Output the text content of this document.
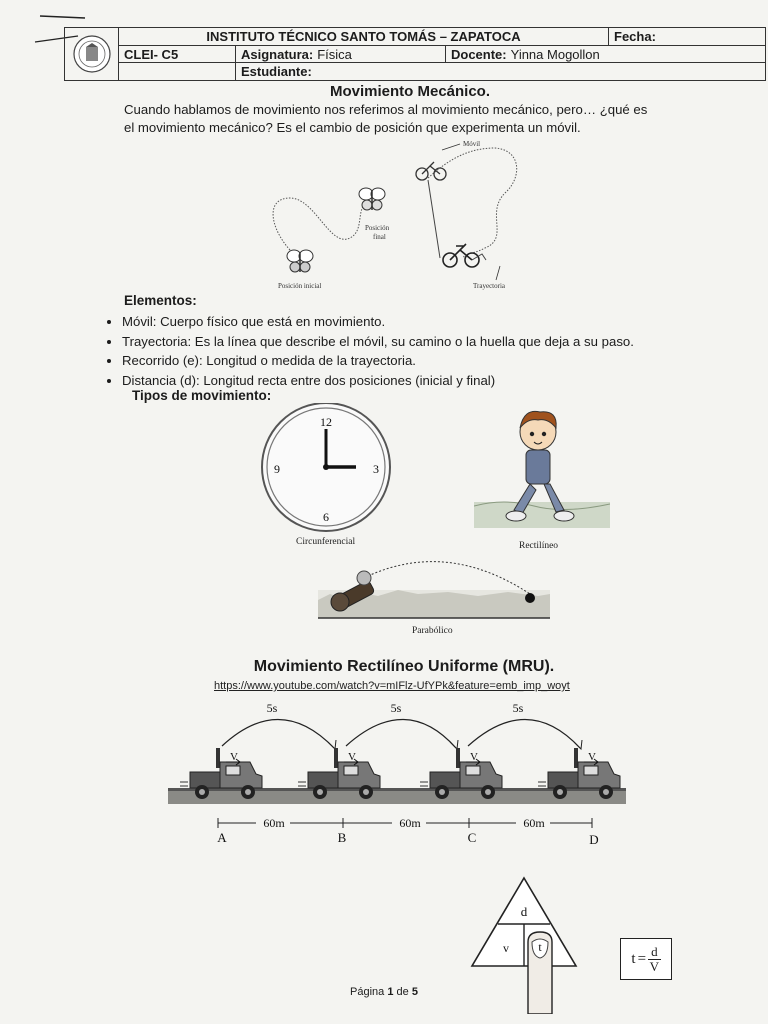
INSTITUTO TÉCNICO SANTO TOMÁS – ZAPATOCA	Fecha:
CLEI- C5	Asignatura: Física	Docente: Yinna Mogollon
Estudiante:
Movimiento Mecánico.
Cuando hablamos de movimiento nos referimos al movimiento mecánico, pero… ¿qué es
el movimiento mecánico? Es el cambio de posición que experimenta un móvil.
Móvil
Posición
final
Posición inicial	Trayectoria
Elementos:
• Móvil: Cuerpo físico que está en movimiento.
• Trayectoria: Es la línea que describe el móvil, su camino o la huella que deja a su paso.
• Recorrido (e): Longitud o medida de la trayectoria.
• Distancia (d): Longitud recta entre dos posiciones (inicial y final)
Tipos de movimiento:
12
3
6
9
Circunferencial	Rectilíneo
Parabólico
Movimiento Rectilíneo Uniforme (MRU).
https://www.youtube.com/watch?v=mIFlz-UfYPk&feature=emb_imp_woyt
5s	5s	5s
V	V	V	V
60m	60m	60m
A	B	C	D
d
v t
$t = \frac{d}{V}$
Página 1 de 5
